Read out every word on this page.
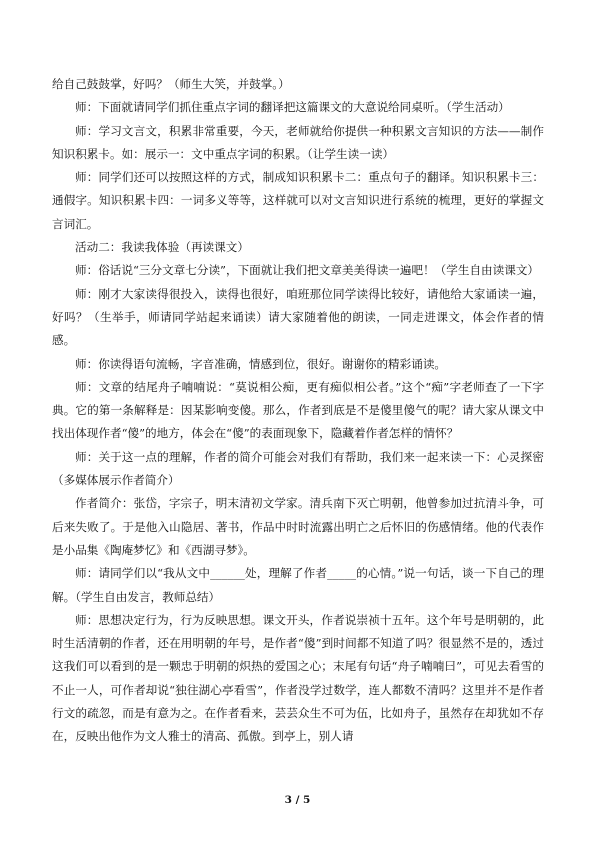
给自己鼓鼓掌，好吗？（师生大笑，并鼓掌。）

师：下面就请同学们抓住重点字词的翻译把这篇课文的大意说给同桌听。（学生活动）

师：学习文言文，积累非常重要，今天，老师就给你提供一种积累文言知识的方法——制作知识积累卡。如：展示一：文中重点字词的积累。（让学生读一读）

师：同学们还可以按照这样的方式，制成知识积累卡二：重点句子的翻译。知识积累卡三：通假字。知识积累卡四：一词多义等等，这样就可以对文言知识进行系统的梳理，更好的掌握文言词汇。

活动二：我读我体验（再读课文）

师：俗话说“三分文章七分读”，下面就让我们把文章美美得读一遍吧！（学生自由读课文）

师：刚才大家读得很投入，读得也很好，咱班那位同学读得比较好，请他给大家诵读一遍，好吗？（生举手，师请同学站起来诵读）请大家随着他的朗读，一同走进课文，体会作者的情感。

师：你读得语句流畅，字音准确，情感到位，很好。谢谢你的精彩诵读。

师：文章的结尾舟子喃喃说：“莫说相公痴，更有痴似相公者。”这个“痴”字老师查了一下字典。它的第一条解释是：因某影响变傻。那么，作者到底是不是傻里傻气的呢？请大家从课文中找出体现作者“傻”的地方，体会在“傻”的表面现象下，隐藏着作者怎样的情怀？

师：关于这一点的理解，作者的简介可能会对我们有帮助，我们来一起来读一下：心灵探密（多媒体展示作者简介）

作者简介：张岱，字宗子，明末清初文学家。清兵南下灭亡明朝，他曾参加过抗清斗争，可后来失败了。于是他入山隐居、著书，作品中时时流露出明亡之后怀旧的伤感情绪。他的代表作是小品集《陶庵梦忆》和《西湖寻梦》。

师：请同学们以“我从文中______处，理解了作者_____的心情。”说一句话，谈一下自己的理解。（学生自由发言，教师总结）

师：思想决定行为，行为反映思想。课文开头，作者说崇祯十五年。这个年号是明朝的，此时生活清朝的作者，还在用明朝的年号，是作者“傻”到时间都不知道了吗？很显然不是的，透过这我们可以看到的是一颗忠于明朝的炽热的爱国之心；末尾有句话“舟子喃喃曰”，可见去看雪的不止一人，可作者却说“独往湖心亭看雪”，作者没学过数学，连人都数不清吗？这里并不是作者行文的疏忽，而是有意为之。在作者看来，芸芸众生不可为伍，比如舟子，虽然存在却犹如不存在，反映出他作为文人雅士的清高、孤傲。到亭上，别人请

3 / 5
